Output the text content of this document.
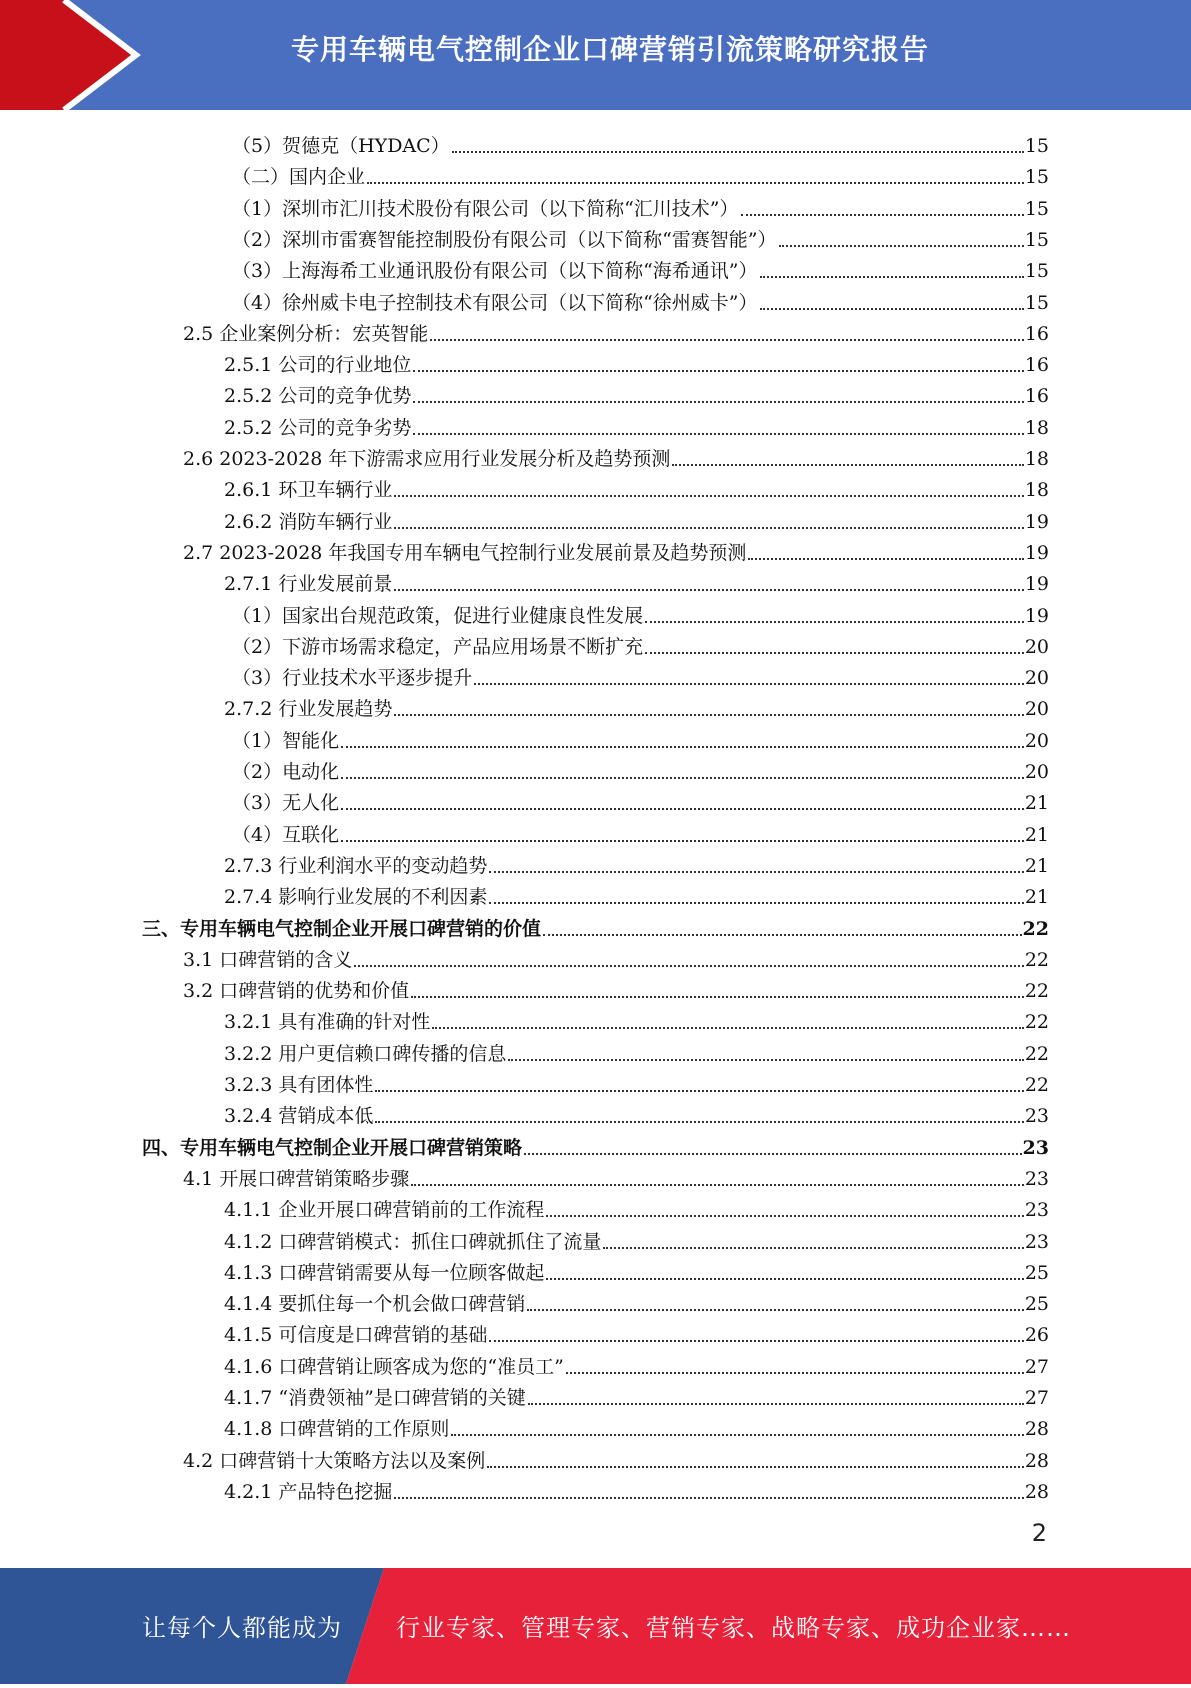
专用车辆电气控制企业口碑营销引流策略研究报告
（5）贺德克（HYDAC）	15
（二）国内企业	15
（1）深圳市汇川技术股份有限公司（以下简称“汇川技术”）	15
（2）深圳市雷赛智能控制股份有限公司（以下简称“雷赛智能”）	15
（3）上海海希工业通讯股份有限公司（以下简称“海希通讯”）	15
（4）徐州威卡电子控制技术有限公司（以下简称“徐州威卡”）	15
2.5 企业案例分析：宏英智能	16
2.5.1 公司的行业地位	16
2.5.2 公司的竞争优势	16
2.5.2 公司的竞争劣势	18
2.6 2023-2028 年下游需求应用行业发展分析及趋势预测	18
2.6.1 环卫车辆行业	18
2.6.2 消防车辆行业	19
2.7 2023-2028 年我国专用车辆电气控制行业发展前景及趋势预测	19
2.7.1 行业发展前景	19
（1）国家出台规范政策，促进行业健康良性发展	19
（2）下游市场需求稳定，产品应用场景不断扩充	20
（3）行业技术水平逐步提升	20
2.7.2 行业发展趋势	20
（1）智能化	20
（2）电动化	20
（3）无人化	21
（4）互联化	21
2.7.3 行业利润水平的变动趋势	21
2.7.4 影响行业发展的不利因素	21
三、专用车辆电气控制企业开展口碑营销的价值	22
3.1 口碑营销的含义	22
3.2 口碑营销的优势和价值	22
3.2.1 具有准确的针对性	22
3.2.2 用户更信赖口碑传播的信息	22
3.2.3 具有团体性	22
3.2.4 营销成本低	23
四、专用车辆电气控制企业开展口碑营销策略	23
4.1 开展口碑营销策略步骤	23
4.1.1 企业开展口碑营销前的工作流程	23
4.1.2 口碑营销模式：抓住口碑就抓住了流量	23
4.1.3 口碑营销需要从每一位顾客做起	25
4.1.4 要抓住每一个机会做口碑营销	25
4.1.5 可信度是口碑营销的基础	26
4.1.6 口碑营销让顾客成为您的“准员工”	27
4.1.7 “消费领袖”是口碑营销的关键	27
4.1.8 口碑营销的工作原则	28
4.2 口碑营销十大策略方法以及案例	28
4.2.1 产品特色挖掘	28
2
让每个人都能成为 行业专家、管理专家、营销专家、战略专家、成功企业家……
